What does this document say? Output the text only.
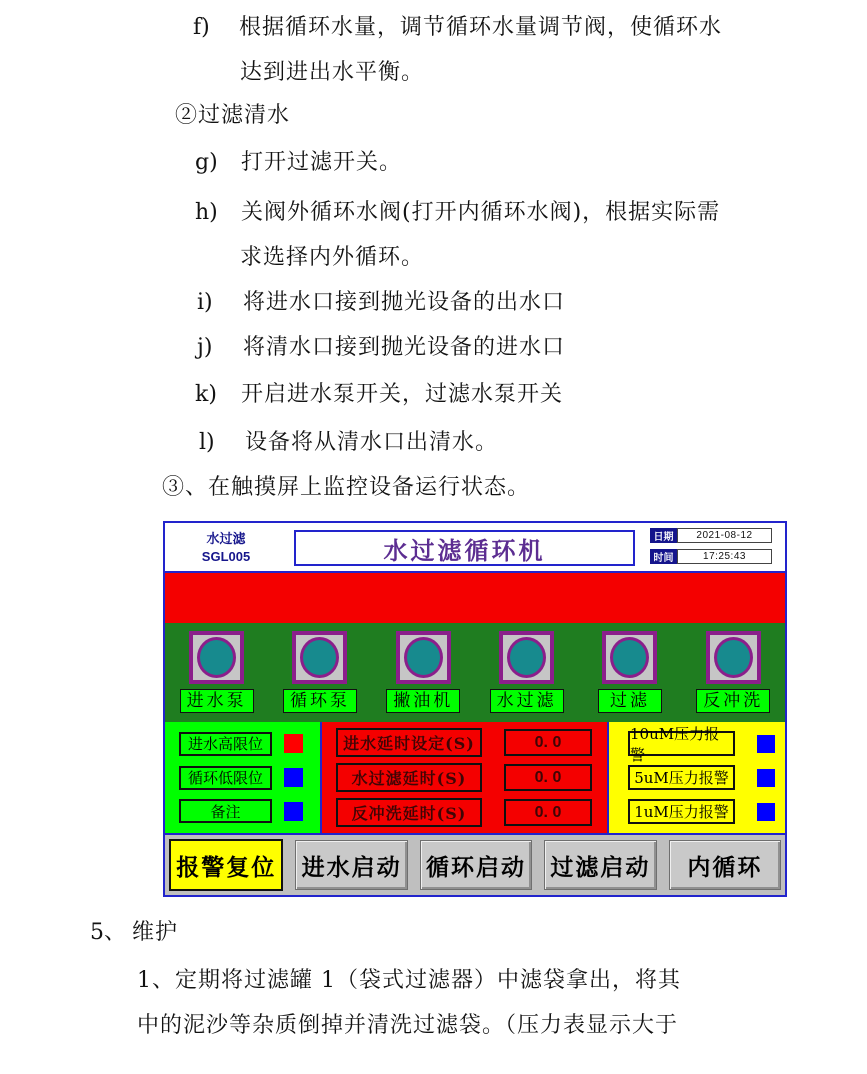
f) 根据循环水量，调节循环水量调节阀，使循环水
达到进出水平衡。
②过滤清水
g) 打开过滤开关。
h) 关阀外循环水阀(打开内循环水阀)，根据实际需
求选择内外循环。
i) 将进水口接到抛光设备的出水口
j) 将清水口接到抛光设备的进水口
k) 开启进水泵开关，过滤水泵开关
l) 设备将从清水口出清水。
③、在触摸屏上监控设备运行状态。
水过滤
SGL005	水过滤循环机	日期	2021-08-12
时间	17:25:43
进水泵	循环泵	撇油机	水过滤	过滤	反冲洗
进水高限位
循环低限位
备注
进水延时设定(S)	0. 0
水过滤延时(S)	0. 0
反冲洗延时(S)	0. 0
10uM压力报警
5uM压力报警
1uM压力报警
报警复位	进水启动 循环启动 过滤启动	内循环
5、 维护
1、定期将过滤罐 1（袋式过滤器）中滤袋拿出，将其
中的泥沙等杂质倒掉并清洗过滤袋。（压力表显示大于
